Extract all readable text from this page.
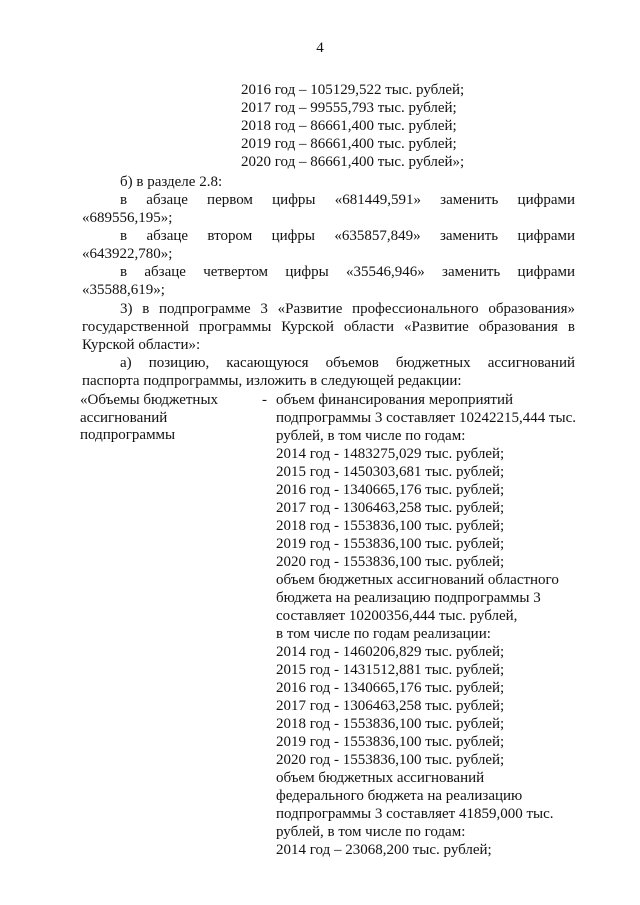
4
2016 год – 105129,522 тыс. рублей;
2017 год – 99555,793 тыс. рублей;
2018 год – 86661,400 тыс. рублей;
2019 год – 86661,400 тыс. рублей;
2020 год – 86661,400 тыс. рублей»;
б) в разделе 2.8:
в абзаце первом цифры «681449,591» заменить цифрами
«689556,195»;
в абзаце втором цифры «635857,849» заменить цифрами
«643922,780»;
в абзаце четвертом цифры «35546,946» заменить цифрами
«35588,619»;
3) в подпрограмме 3 «Развитие профессионального образования»
государственной программы Курской области «Развитие образования в
Курской области»:
а) позицию, касающуюся объемов бюджетных ассигнований
паспорта подпрограммы, изложить в следующей редакции:
«Объемы бюджетных
ассигнований
подпрограммы
- объем финансирования мероприятий
подпрограммы 3 составляет 10242215,444 тыс.
рублей, в том числе по годам:
2014 год - 1483275,029 тыс. рублей;
2015 год - 1450303,681 тыс. рублей;
2016 год - 1340665,176 тыс. рублей;
2017 год - 1306463,258 тыс. рублей;
2018 год - 1553836,100 тыс. рублей;
2019 год - 1553836,100 тыс. рублей;
2020 год - 1553836,100 тыс. рублей;
объем бюджетных ассигнований областного
бюджета на реализацию подпрограммы 3
составляет 10200356,444 тыс. рублей,
в том числе по годам реализации:
2014 год - 1460206,829 тыс. рублей;
2015 год - 1431512,881 тыс. рублей;
2016 год - 1340665,176 тыс. рублей;
2017 год - 1306463,258 тыс. рублей;
2018 год - 1553836,100 тыс. рублей;
2019 год - 1553836,100 тыс. рублей;
2020 год - 1553836,100 тыс. рублей;
объем бюджетных ассигнований
федерального бюджета на реализацию
подпрограммы 3 составляет 41859,000 тыс.
рублей, в том числе по годам:
2014 год – 23068,200 тыс. рублей;
